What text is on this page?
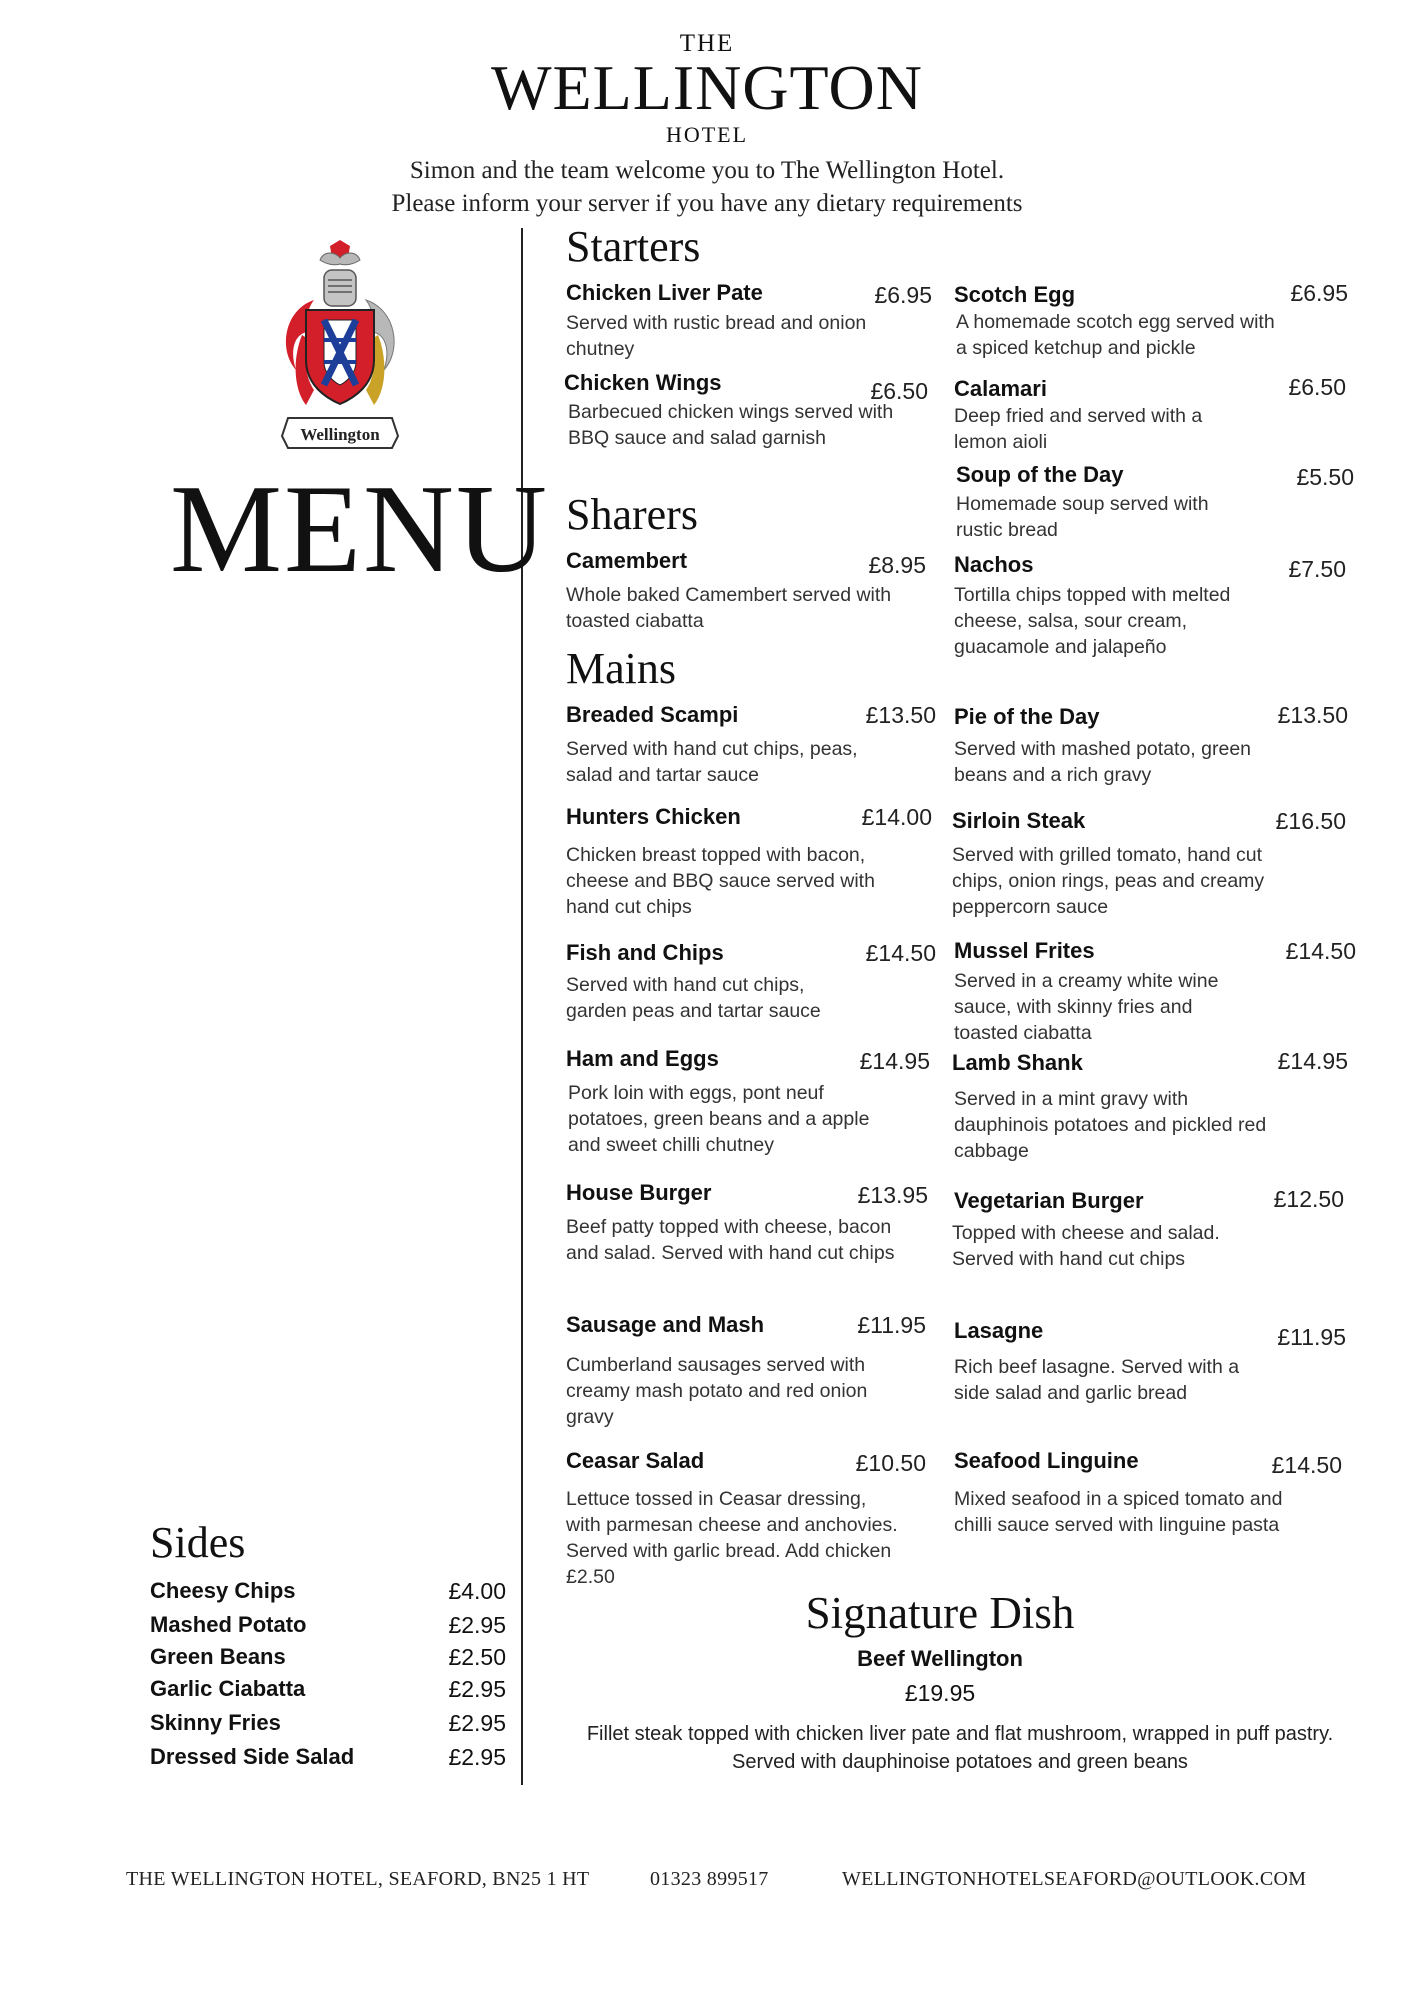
THE
WELLINGTON
HOTEL
Simon and the team welcome you to The Wellington Hotel.
Please inform your server if you have any dietary requirements
Wellington
MENU
Starters
Chicken Liver Pate	£6.95
Served with rustic bread and onion chutney
Scotch Egg	£6.95
A homemade scotch egg served with a spiced ketchup and pickle
Chicken Wings	£6.50
Barbecued chicken wings served with BBQ sauce and salad garnish
Calamari	£6.50
Deep fried and served with a lemon aioli
Soup of the Day	£5.50
Homemade soup served with rustic bread
Sharers
Camembert	£8.95
Whole baked Camembert served with toasted ciabatta
Nachos	£7.50
Tortilla chips topped with melted cheese, salsa, sour cream, guacamole and jalapeño
Mains
Breaded Scampi	£13.50
Served with hand cut chips, peas, salad and tartar sauce
Pie of the Day	£13.50
Served with mashed potato, green beans and a rich gravy
Hunters Chicken	£14.00
Chicken breast topped with bacon, cheese and BBQ sauce served with hand cut chips
Sirloin Steak	£16.50
Served with grilled tomato, hand cut chips, onion rings, peas and creamy peppercorn sauce
Fish and Chips	£14.50
Served with hand cut chips, garden peas and tartar sauce
Mussel Frites	£14.50
Served in a creamy white wine sauce, with skinny fries and toasted ciabatta
Ham and Eggs	£14.95
Pork loin with eggs, pont neuf potatoes, green beans and a apple and sweet chilli chutney
Lamb Shank	£14.95
Served in a mint gravy with dauphinois potatoes and pickled red cabbage
House Burger	£13.95
Beef patty topped with cheese, bacon and salad. Served with hand cut chips
Vegetarian Burger	£12.50
Topped with cheese and salad. Served with hand cut chips
Sausage and Mash	£11.95
Cumberland sausages served with creamy mash potato and red onion gravy
Lasagne	£11.95
Rich beef lasagne. Served with a side salad and garlic bread
Ceasar Salad	£10.50
Lettuce tossed in Ceasar dressing, with parmesan cheese and anchovies. Served with garlic bread. Add chicken £2.50
Seafood Linguine	£14.50
Mixed seafood in a spiced tomato and chilli sauce served with linguine pasta
Sides
Cheesy Chips	£4.00
Mashed Potato	£2.95
Green Beans	£2.50
Garlic Ciabatta	£2.95
Skinny Fries	£2.95
Dressed Side Salad	£2.95
Signature Dish
Beef Wellington
£19.95
Fillet steak topped with chicken liver pate and flat mushroom, wrapped in puff pastry. Served with dauphinoise potatoes and green beans
THE WELLINGTON HOTEL, SEAFORD, BN25 1 HT	01323 899517	WELLINGTONHOTELSEAFORD@OUTLOOK.COM
